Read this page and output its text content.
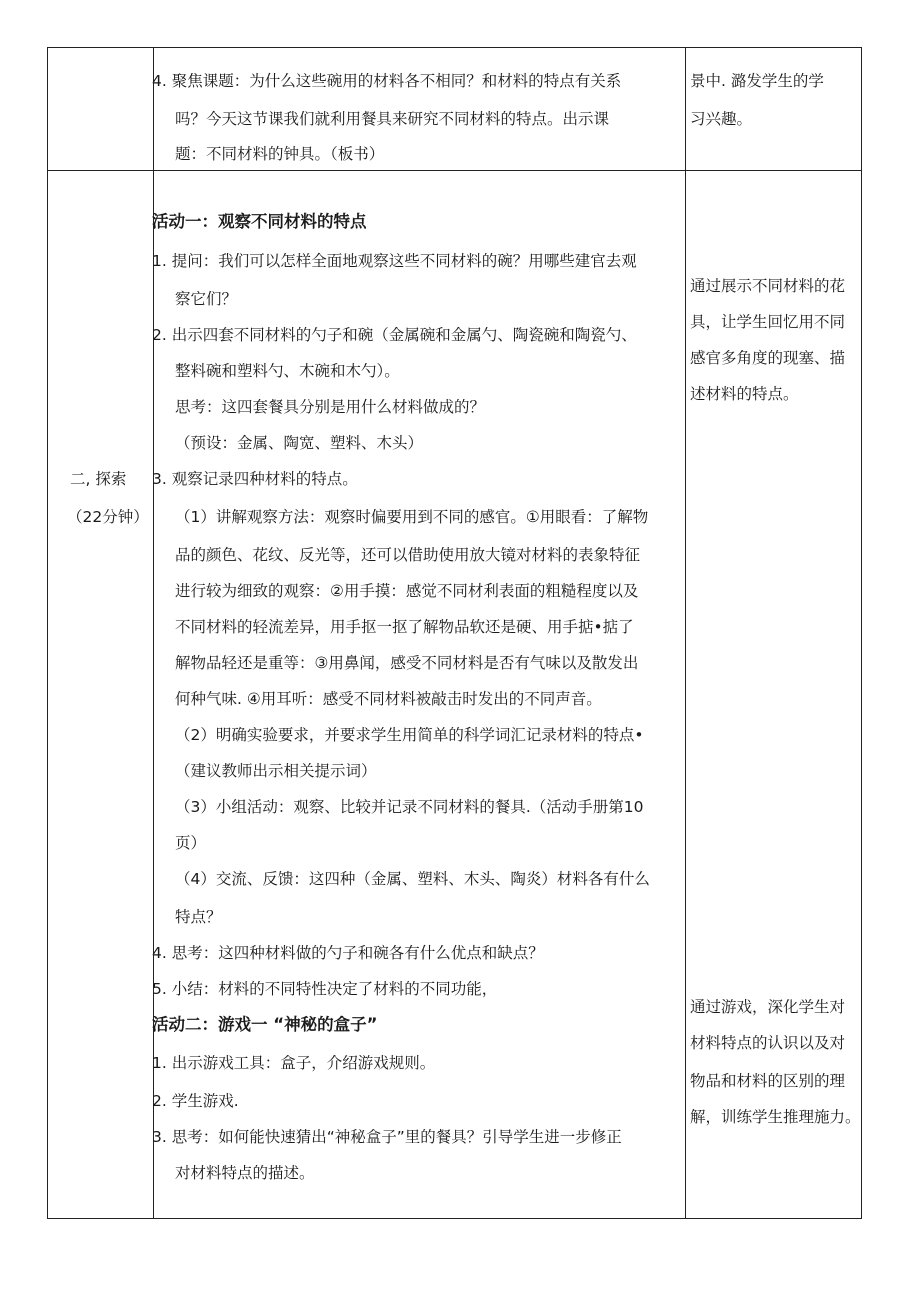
4. 聚焦课题：为什么这些碗用的材料各不相同？和材料的特点有关系
吗？今天这节课我们就利用餐具来研究不同材料的特点。出示课
题：不同材料的钟具。（板书）
景中. 潞发学生的学
习兴趣。
二, 探索
（22分钟）
活动一：观察不同材料的特点
1. 提问：我们可以怎样全面地观察这些不同材料的碗？用哪些建官去观
察它们？
2. 出示四套不同材料的勺子和碗（金属碗和金属勺、陶瓷碗和陶瓷勺、
整料碗和塑料勺、木碗和木勺）。
思考：这四套餐具分别是用什么材料做成的？
（预设：金属、陶宽、塑料、木头）
3. 观察记录四种材料的特点。
（1）讲解观察方法：观察时偏要用到不同的感官。①用眼看：了解物
品的颜色、花纹、反光等，还可以借助使用放大镜对材料的表象特征
进行较为细致的观察：②用手摸：感觉不同材利表面的粗糙程度以及
不同材料的轻流差异，用手抠一抠了解物品软还是硬、用手掂•掂了
解物品轻还是重等：③用鼻闻，感受不同材料是否有气味以及散发出
何种气味. ④用耳听：感受不同材料被敲击时发出的不同声音。
（2）明确实验要求，并要求学生用简单的科学词汇记录材料的特点•
（建议教师出示相关提示词）
（3）小组活动：观察、比较并记录不同材料的餐具.（活动手册第10
页）
（4）交流、反馈：这四种（金属、塑料、木头、陶炎）材料各有什么
特点？
4. 思考：这四种材料做的勺子和碗各有什么优点和缺点？
5. 小结：材料的不同特性决定了材料的不同功能，
通过展示不同材料的花
具，让学生回忆用不同
感官多角度的现塞、描
述材料的特点。
活动二：游戏一 “神秘的盒子”
1. 出示游戏工具：盒子，介绍游戏规则。
2. 学生游戏.
3. 思考：如何能快速猜出“神秘盒子”里的餐具？引导学生进一步修正
对材料特点的描述。
通过游戏，深化学生对
材料特点的认识以及对
物品和材料的区别的理
解，训练学生推理施力。
